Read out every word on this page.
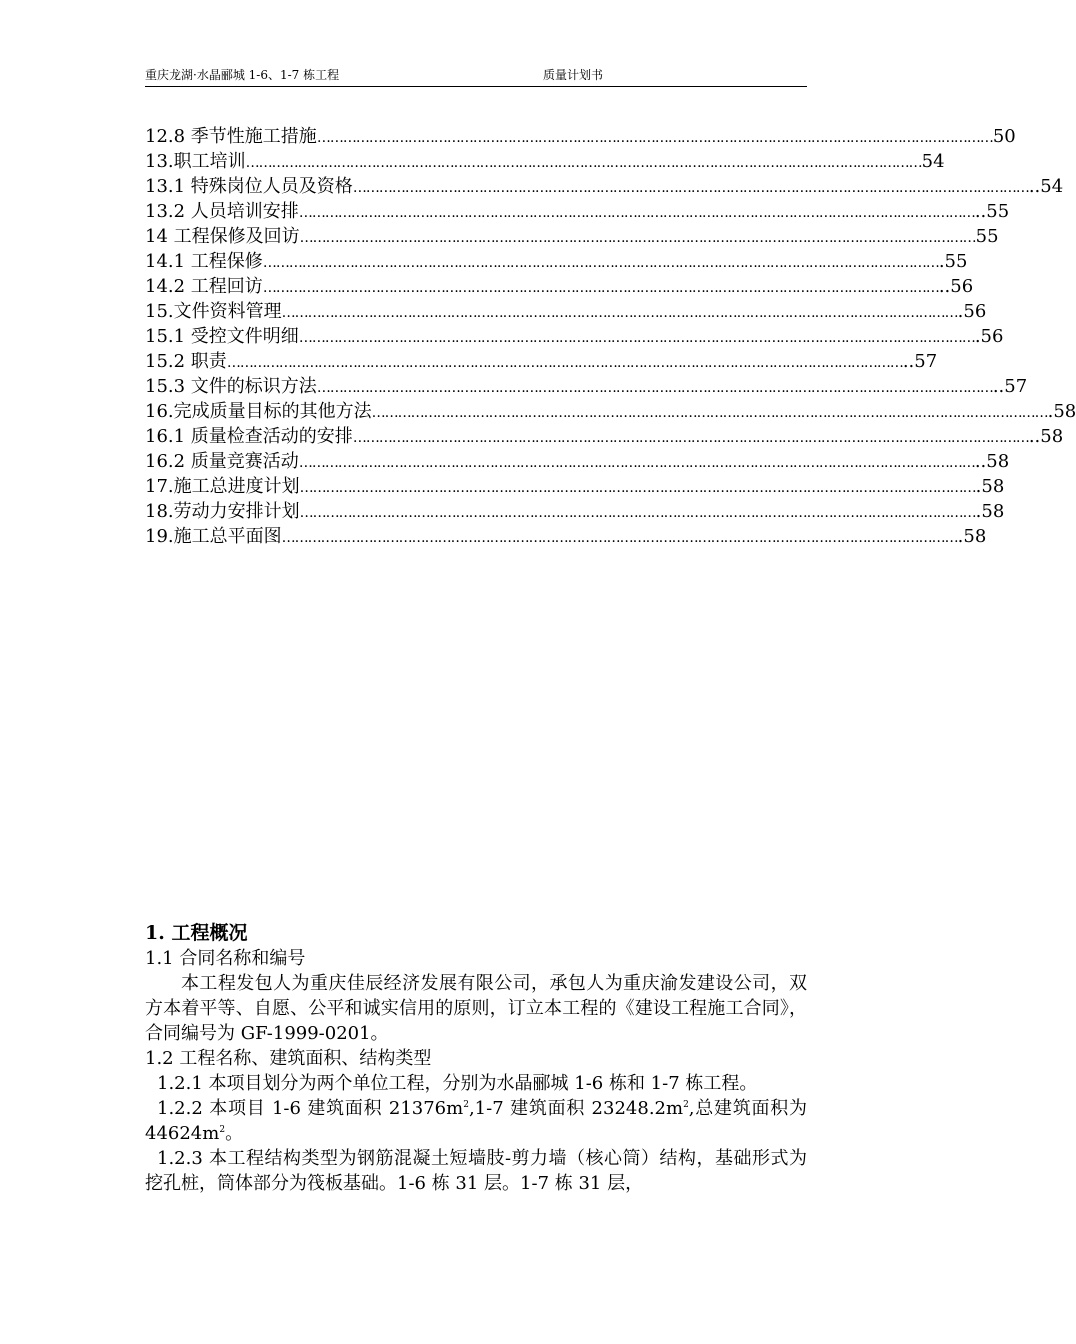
重庆龙湖·水晶郦城 1-6、1-7 栋工程	质量计划书
12.8 季节性施工措施 ………………………………………………………………………………………………………………………………………… 50
13.职工培训 ………………………………………………………………………………………………………………………………………… 54
13.1 特殊岗位人员及资格 ………………………………………………………………………………………………………………………………………… ..54
13.2 人员培训安排 ………………………………………………………………………………………………………………………………………… ..55
14 工程保修及回访 ………………………………………………………………………………………………………………………………………… 55
14.1 工程保修 ………………………………………………………………………………………………………………………………………… .55
14.2 工程回访 ………………………………………………………………………………………………………………………………………… ..56
15.文件资料管理 ………………………………………………………………………………………………………………………………………… .56
15.1 受控文件明细 ………………………………………………………………………………………………………………………………………… .56
15.2 职责 ………………………………………………………………………………………………………………………………………… ..57
15.3 文件的标识方法 ………………………………………………………………………………………………………………………………………… ..57
16.完成质量目标的其他方法 ………………………………………………………………………………………………………………………………………… .58
16.1 质量检查活动的安排 ………………………………………………………………………………………………………………………………………… ..58
16.2 质量竞赛活动 ………………………………………………………………………………………………………………………………………… ..58
17.施工总进度计划 ………………………………………………………………………………………………………………………………………… .58
18.劳动力安排计划 ………………………………………………………………………………………………………………………………………… .58
19.施工总平面图 ………………………………………………………………………………………………………………………………………… .58
1. 工程概况
1.1 合同名称和编号
本工程发包人为重庆佳辰经济发展有限公司，承包人为重庆渝发建设公司，双方本着平等、自愿、公平和诚实信用的原则，订立本工程的《建设工程施工合同》， 合同编号为 GF-1999-0201。
1.2 工程名称、建筑面积、结构类型
1.2.1 本项目划分为两个单位工程，分别为水晶郦城 1-6 栋和 1-7 栋工程。
1.2.2 本项目 1-6 建筑面积 $21376m^2,1-7$ 建筑面积 $23248.2m^2$,总建筑面积为 $44624m^2$。
1.2.3 本工程结构类型为钢筋混凝土短墙肢-剪力墙（核心筒）结构，基础形式为挖孔桩，筒体部分为筏板基础。1-6 栋 31 层。1-7 栋 31 层，
